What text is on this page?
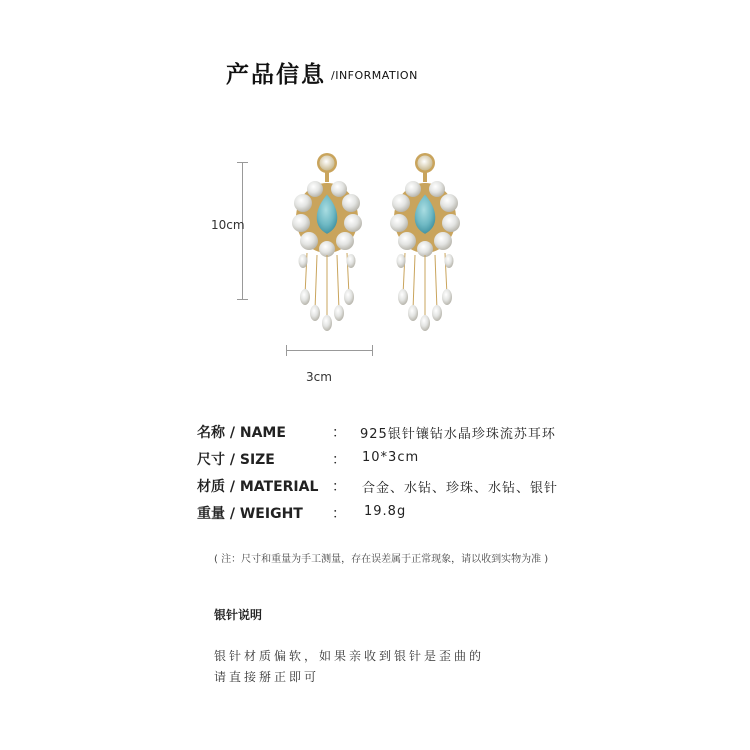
产品信息 /INFORMATION
10cm
3cm
名称 / NAME	： 925银针镶钻水晶珍珠流苏耳环
尺寸 / SIZE	： 10*3cm
材质 / MATERIAL ： 合金、水钻、珍珠、水钻、银针
重量 / WEIGHT ： 19.8g
( 注：尺寸和重量为手工测量，存在误差属于正常现象，请以收到实物为准 )
银针说明
银针材质偏软，如果亲收到银针是歪曲的
请直接掰正即可
